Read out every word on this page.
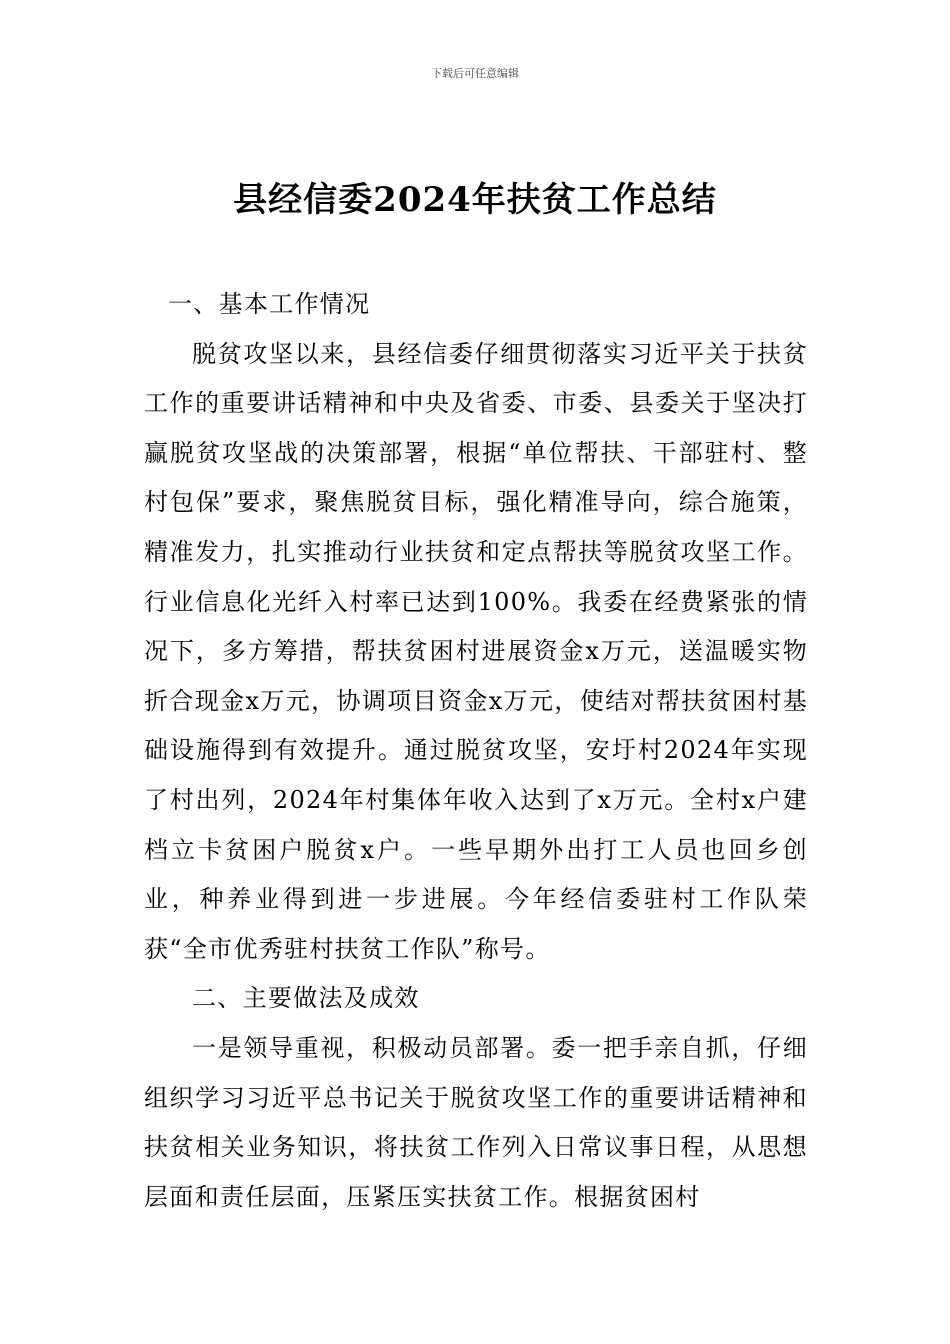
下载后可任意编辑
县经信委2024年扶贫工作总结

一、基本工作情况

脱贫攻坚以来，县经信委仔细贯彻落实习近平关于扶贫工作的重要讲话精神和中央及省委、市委、县委关于坚决打赢脱贫攻坚战的决策部署，根据“单位帮扶、干部驻村、整村包保”要求，聚焦脱贫目标，强化精准导向，综合施策，精准发力，扎实推动行业扶贫和定点帮扶等脱贫攻坚工作。行业信息化光纤入村率已达到100%。我委在经费紧张的情况下，多方筹措，帮扶贫困村进展资金x万元，送温暖实物折合现金x万元，协调项目资金x万元，使结对帮扶贫困村基础设施得到有效提升。通过脱贫攻坚，安圩村2024年实现了村出列，2024年村集体年收入达到了x万元。全村x户建档立卡贫困户脱贫x户。一些早期外出打工人员也回乡创业，种养业得到进一步进展。今年经信委驻村工作队荣获“全市优秀驻村扶贫工作队”称号。

二、主要做法及成效

一是领导重视，积极动员部署。委一把手亲自抓，仔细组织学习习近平总书记关于脱贫攻坚工作的重要讲话精神和扶贫相关业务知识，将扶贫工作列入日常议事日程，从思想层面和责任层面，压紧压实扶贫工作。根据贫困村
